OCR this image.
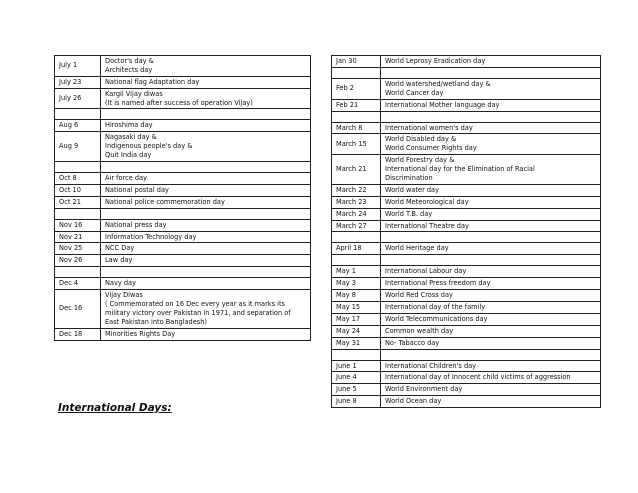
July 1	Doctor's day &
Architects day

July 23	National flag Adaptation day

July 26	Kargil Vijay diwas
(It is named after success of operation Vijay)

Aug 6	Hiroshima day

Aug 9	Nagasaki day &
Indigenous people's day &
Quit India day

Oct 8	Air force day

Oct 10	National postal day

Oct 21	National police commemoration day

Nov 16	National press day

Nov 21	Information Technology day

Nov 25	NCC Day

Nov 26	Law day

Dec 4	Navy day

Dec 16	Vijay Diwas
( Commemorated on 16 Dec every year as it marks its
military victory over Pakistan in 1971, and separation of
East Pakistan into Bangladesh)

Dec 18	Minorities Rights Day
Jan 30	World Leprosy Eradication day

Feb 2	World watershed/wetland day &
World Cancer day

Feb 21	International Mother language day

March 8	International women's day

March 15	World Disabled day &
World Consumer Rights day

March 21	World Forestry day &
International day for the Elimination of Racial
Discrimination

March 22	World water day

March 23	World Meteorological day

March 24	World T.B. day

March 27	International Theatre day

April 18	World Heritage day

May 1	International Labour day

May 3	International Press freedom day

May 8	World Red Cross day

May 15	International day of the family

May 17	World Telecommunications day

May 24	Common wealth day

May 31	No- Tabacco day

June 1	International Children's day

June 4	International day of Innocent child victims of aggression

June 5	World Environment day

June 8	World Ocean day
International Days:
